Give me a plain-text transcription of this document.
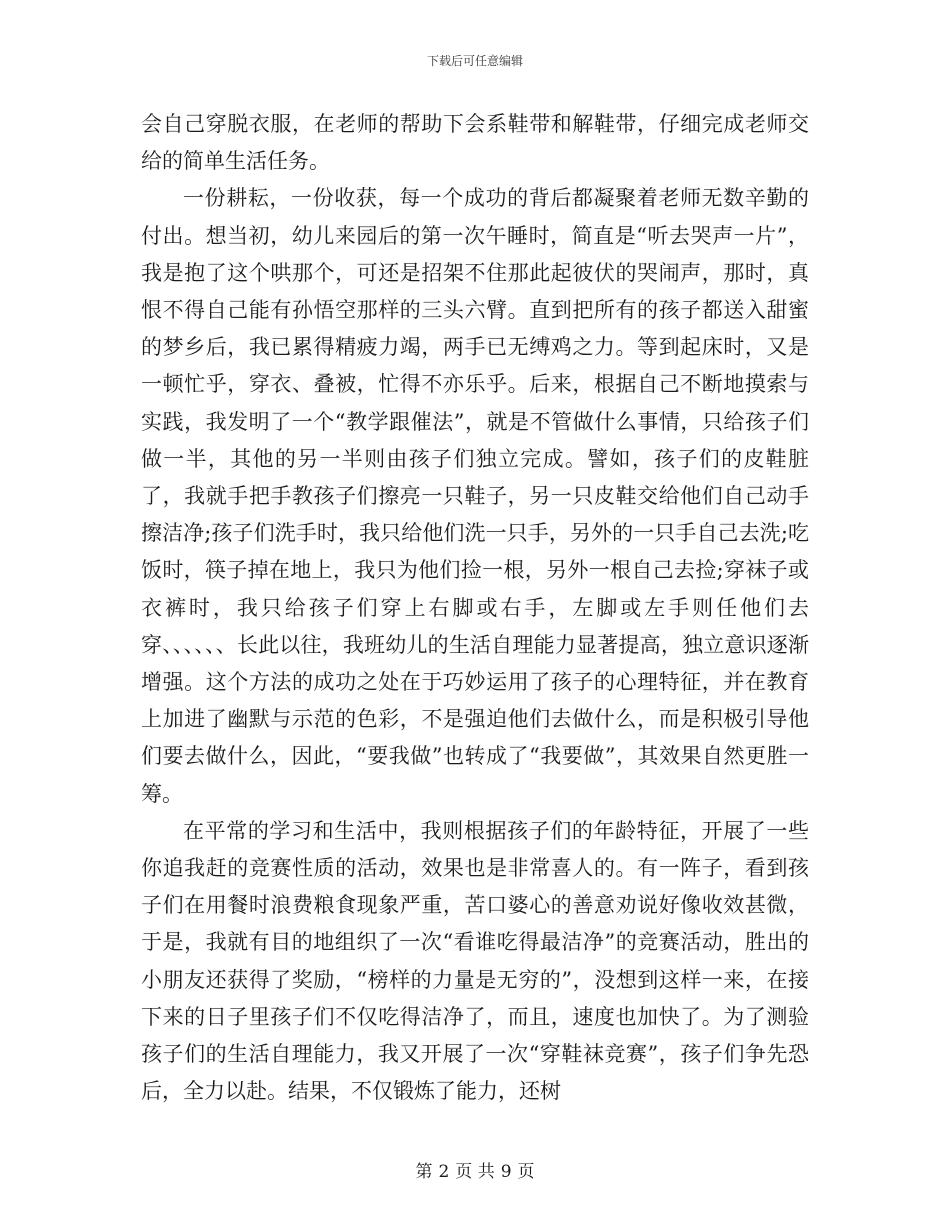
下载后可任意编辑

会自己穿脱衣服，在老师的帮助下会系鞋带和解鞋带，仔细完成老师交给的简单生活任务。

一份耕耘，一份收获，每一个成功的背后都凝聚着老师无数辛勤的付出。想当初，幼儿来园后的第一次午睡时，简直是“听去哭声一片”，我是抱了这个哄那个，可还是招架不住那此起彼伏的哭闹声，那时，真恨不得自己能有孙悟空那样的三头六臂。直到把所有的孩子都送入甜蜜的梦乡后，我已累得精疲力竭，两手已无缚鸡之力。等到起床时，又是一顿忙乎，穿衣、叠被，忙得不亦乐乎。后来，根据自己不断地摸索与实践，我发明了一个“教学跟催法”，就是不管做什么事情，只给孩子们做一半，其他的另一半则由孩子们独立完成。譬如，孩子们的皮鞋脏了，我就手把手教孩子们擦亮一只鞋子，另一只皮鞋交给他们自己动手擦洁净;孩子们洗手时，我只给他们洗一只手，另外的一只手自己去洗;吃饭时，筷子掉在地上，我只为他们捡一根，另外一根自己去捡;穿袜子或衣裤时，我只给孩子们穿上右脚或右手，左脚或左手则任他们去穿、、、、、、长此以往，我班幼儿的生活自理能力显著提高，独立意识逐渐增强。这个方法的成功之处在于巧妙运用了孩子的心理特征，并在教育上加进了幽默与示范的色彩，不是强迫他们去做什么，而是积极引导他们要去做什么，因此，“要我做”也转成了“我要做”，其效果自然更胜一筹。

在平常的学习和生活中，我则根据孩子们的年龄特征，开展了一些你追我赶的竞赛性质的活动，效果也是非常喜人的。有一阵子，看到孩子们在用餐时浪费粮食现象严重，苦口婆心的善意劝说好像收效甚微，于是，我就有目的地组织了一次“看谁吃得最洁净”的竞赛活动，胜出的小朋友还获得了奖励，“榜样的力量是无穷的”，没想到这样一来，在接下来的日子里孩子们不仅吃得洁净了，而且，速度也加快了。为了测验孩子们的生活自理能力，我又开展了一次“穿鞋袜竞赛”，孩子们争先恐后，全力以赴。结果，不仅锻炼了能力，还树

第 2 页 共 9 页
